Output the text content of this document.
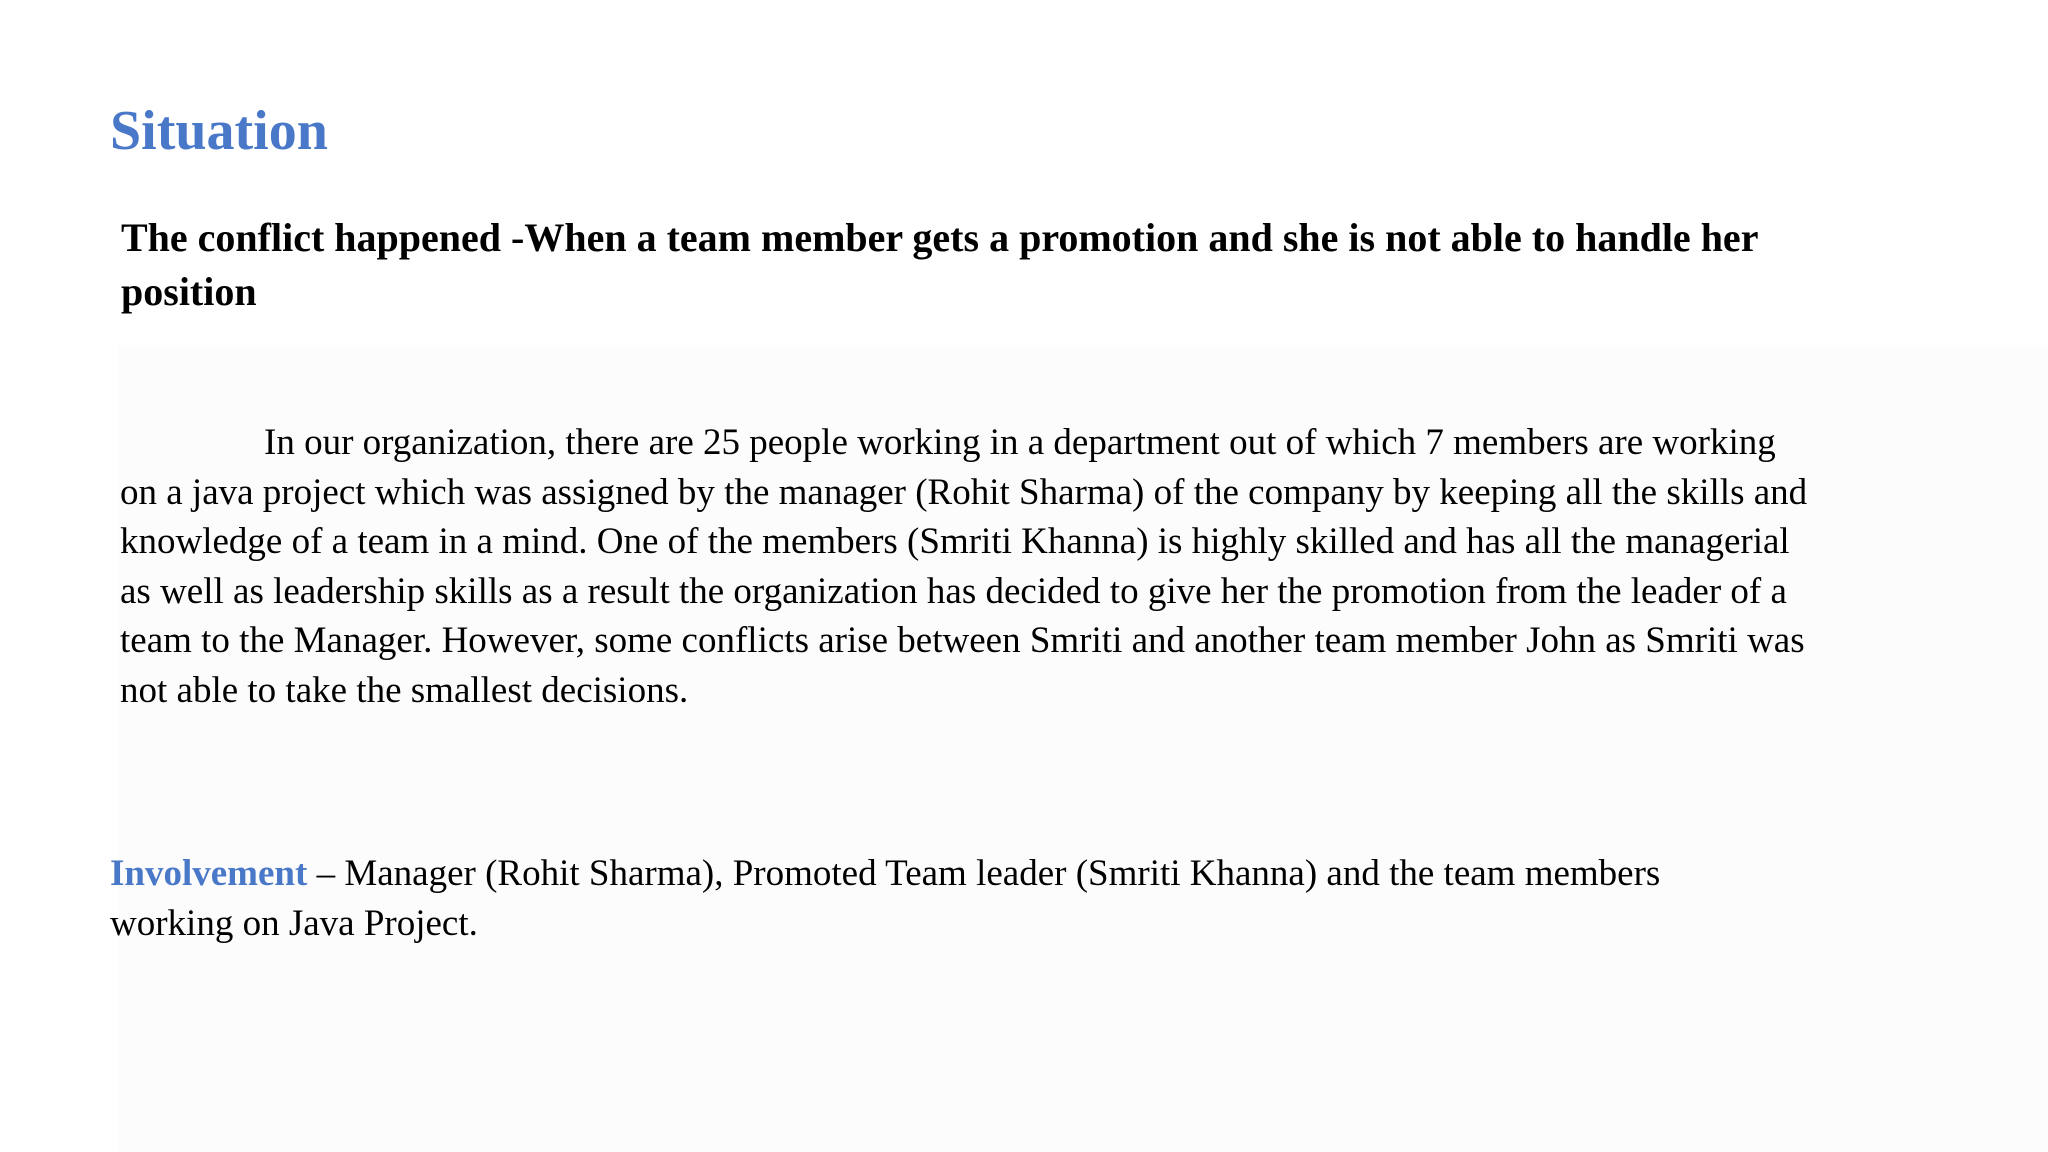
Situation

The conflict happened -When a team member gets a promotion and she is not able to handle her position

In our organization, there are 25 people working in a department out of which 7 members are working on a java project which was assigned by the manager (Rohit Sharma) of the company by keeping all the skills and knowledge of a team in a mind. One of the members (Smriti Khanna) is highly skilled and has all the managerial as well as leadership skills as a result the organization has decided to give her the promotion from the leader of a team to the Manager. However, some conflicts arise between Smriti and another team member John as Smriti was not able to take the smallest decisions.

Involvement – Manager (Rohit Sharma), Promoted Team leader (Smriti Khanna) and the team members working on Java Project.
